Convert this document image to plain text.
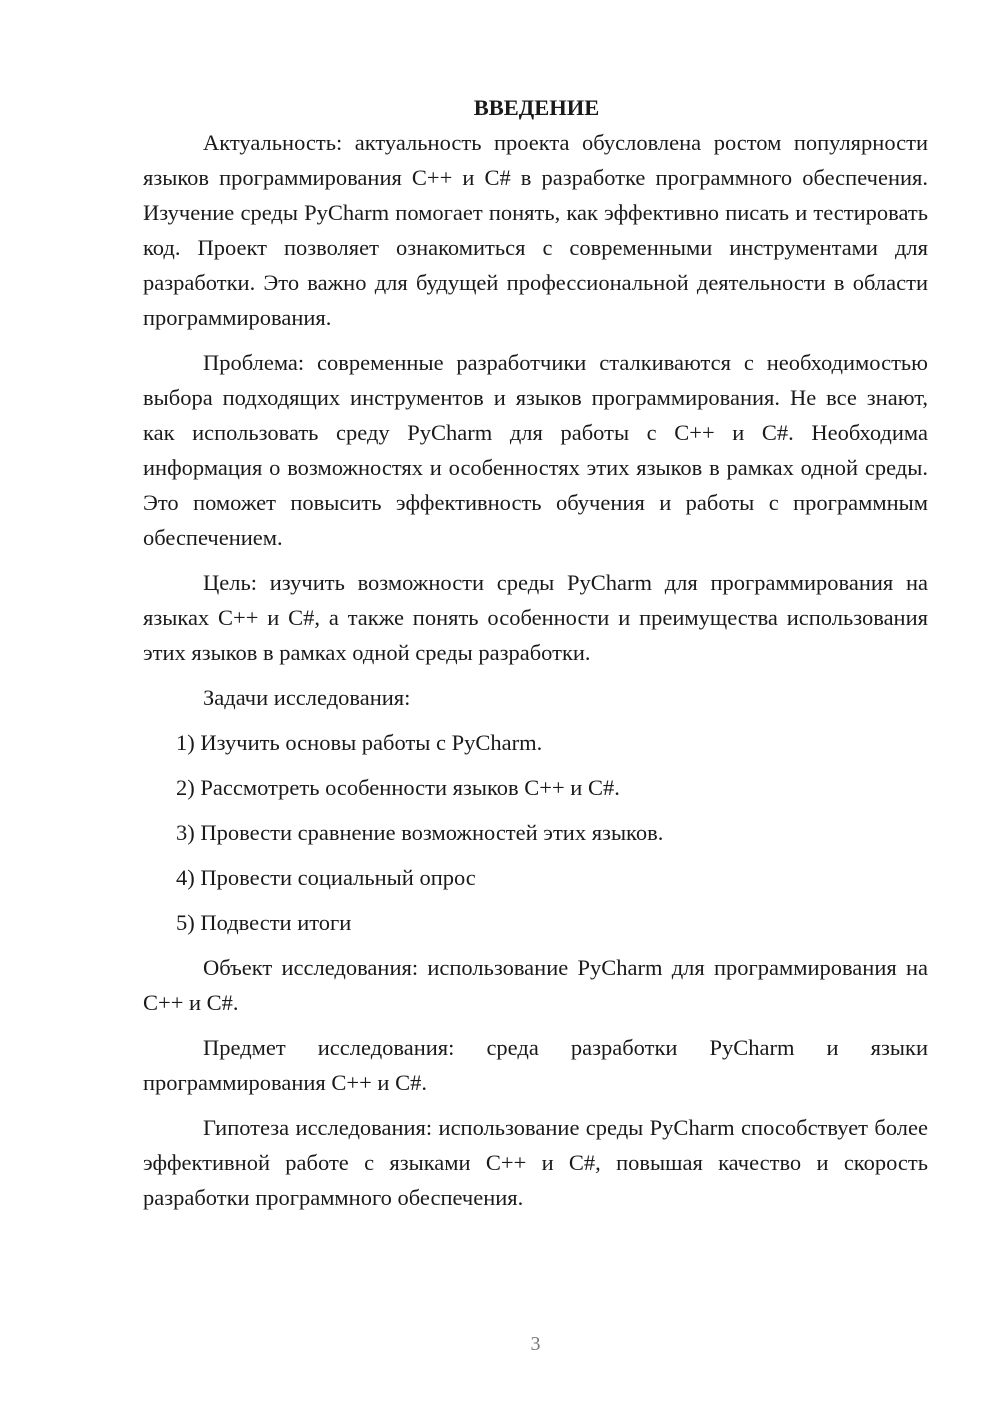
ВВЕДЕНИЕ

Актуальность: актуальность проекта обусловлена ростом популярности языков программирования C++ и C# в разработке программного обеспечения. Изучение среды PyCharm помогает понять, как эффективно писать и тестировать код. Проект позволяет ознакомиться с современными инструментами для разработки. Это важно для будущей профессиональной деятельности в области программирования.

Проблема: современные разработчики сталкиваются с необходимостью выбора подходящих инструментов и языков программирования. Не все знают, как использовать среду PyCharm для работы с C++ и C#. Необходима информация о возможностях и особенностях этих языков в рамках одной среды. Это поможет повысить эффективность обучения и работы с программным обеспечением.

Цель: изучить возможности среды PyCharm для программирования на языках C++ и C#, а также понять особенности и преимущества использования этих языков в рамках одной среды разработки.

Задачи исследования:

1) Изучить основы работы с PyCharm.
2) Рассмотреть особенности языков C++ и C#.
3) Провести сравнение возможностей этих языков.
4) Провести социальный опрос
5) Подвести итоги

Объект исследования: использование PyCharm для программирования на C++ и C#.

Предмет исследования: среда разработки PyCharm и языки программирования C++ и C#.

Гипотеза исследования: использование среды PyCharm способствует более эффективной работе с языками C++ и C#, повышая качество и скорость разработки программного обеспечения.

3
